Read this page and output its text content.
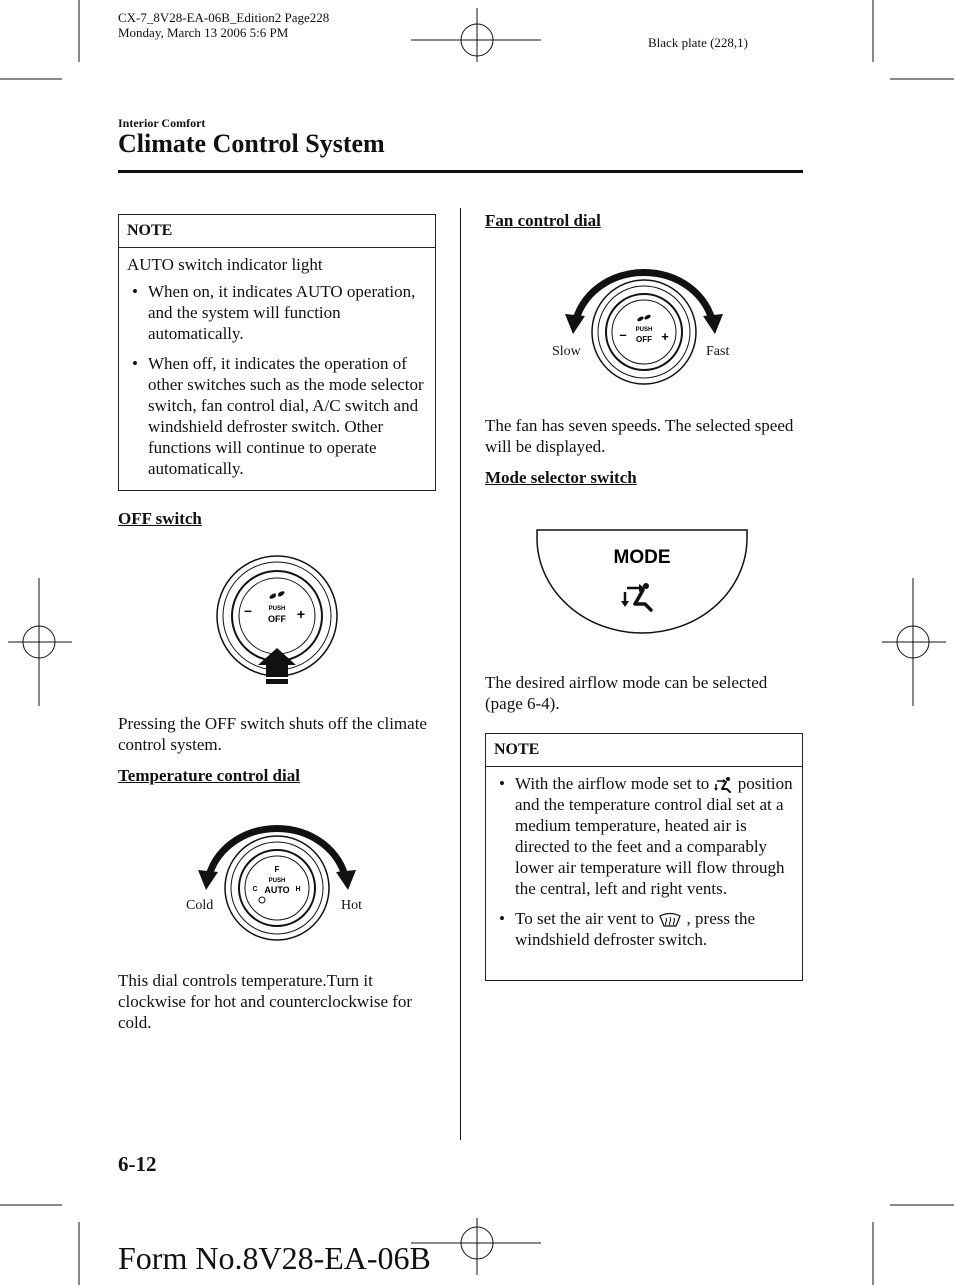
CX-7_8V28-EA-06B_Edition2 Page228
Monday, March 13 2006 5:6 PM
Black plate (228,1)
Interior Comfort
Climate Control System
NOTE
AUTO switch indicator light
• When on, it indicates AUTO operation, and the system will function automatically.
• When off, it indicates the operation of other switches such as the mode selector switch, fan control dial, A/C switch and windshield defroster switch. Other functions will continue to operate automatically.
OFF switch
PUSH
OFF
–	+
Pressing the OFF switch shuts off the climate control system.
Temperature control dial
F
PUSH
AUTO
C	H
Cold	Hot
This dial controls temperature.Turn it clockwise for hot and counterclockwise for cold.
Fan control dial
PUSH
OFF
–	+
Slow	Fast
The fan has seven speeds. The selected speed will be displayed.
Mode selector switch
MODE
The desired airflow mode can be selected (page 6-4).
NOTE
• With the airflow mode set to position and the temperature control dial set at a medium temperature, heated air is directed to the feet and a comparably lower air temperature will flow through the central, left and right vents.
• To set the air vent to , press the windshield defroster switch.
6-12
Form No.8V28-EA-06B
